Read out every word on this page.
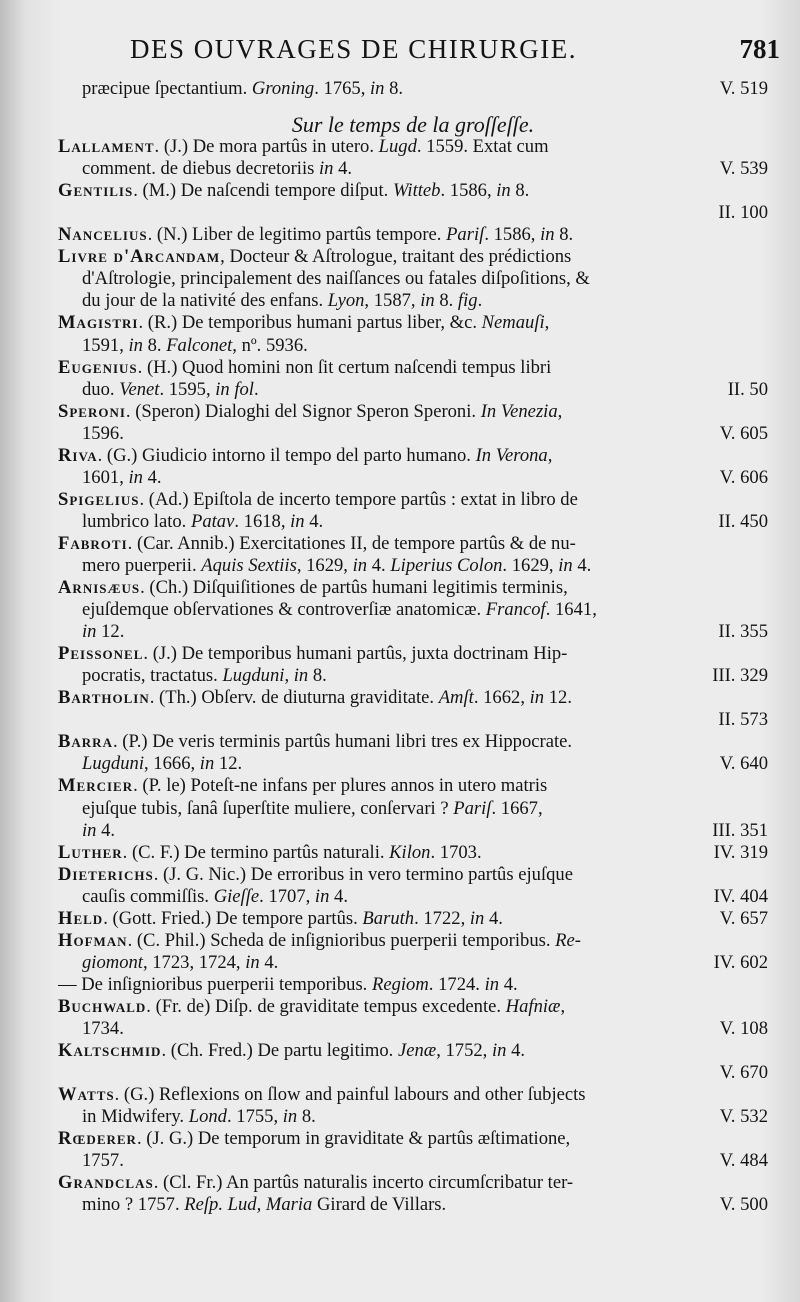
DES OUVRAGES DE CHIRURGIE.	781
præcipue ſpectantium. Groning. 1765, in 8.	V. 519
Sur le temps de la groſſeſſe.
Lallament. (J.) De mora partûs in utero. Lugd. 1559. Extat cum
comment. de diebus decretoriis in 4.	V. 539
Gentilis. (M.) De naſcendi tempore diſput. Witteb. 1586, in 8.
II. 100
Nancelius. (N.) Liber de legitimo partûs tempore. Pariſ. 1586, in 8.
Livre d'Arcandam, Docteur & Aſtrologue, traitant des prédictions
d'Aſtrologie, principalement des naiſſances ou fatales diſpoſitions, &
du jour de la nativité des enfans. Lyon, 1587, in 8. fig.
Magistri. (R.) De temporibus humani partus liber, &c. Nemauſi,
1591, in 8. Falconet, nº. 5936.
Eugenius. (H.) Quod homini non ſit certum naſcendi tempus libri
duo. Venet. 1595, in fol.	II. 50
Speroni. (Speron) Dialoghi del Signor Speron Speroni. In Venezia,
1596.	V. 605
Riva. (G.) Giudicio intorno il tempo del parto humano. In Verona,
1601, in 4.	V. 606
Spigelius. (Ad.) Epiſtola de incerto tempore partûs : extat in libro de
lumbrico lato. Patav. 1618, in 4.	II. 450
Fabroti. (Car. Annib.) Exercitationes II, de tempore partûs & de nu-
mero puerperii. Aquis Sextiis, 1629, in 4. Liperius Colon. 1629, in 4.
Arnisæus. (Ch.) Diſquiſitiones de partûs humani legitimis terminis,
ejuſdemque obſervationes & controverſiæ anatomicæ. Francof. 1641,
in 12.	II. 355
Peissonel. (J.) De temporibus humani partûs, juxta doctrinam Hip-
pocratis, tractatus. Lugduni, in 8.	III. 329
Bartholin. (Th.) Obſerv. de diuturna graviditate. Amſt. 1662, in 12.
II. 573
Barra. (P.) De veris terminis partûs humani libri tres ex Hippocrate.
Lugduni, 1666, in 12.	V. 640
Mercier. (P. le) Poteſt-ne infans per plures annos in utero matris
ejuſque tubis, ſanâ ſuperſtite muliere, conſervari ? Pariſ. 1667,
in 4.	III. 351
Luther. (C. F.) De termino partûs naturali. Kilon. 1703.	IV. 319
Dieterichs. (J. G. Nic.) De erroribus in vero termino partûs ejuſque
cauſis commiſſis. Gieſſe. 1707, in 4.	IV. 404
Held. (Gott. Fried.) De tempore partûs. Baruth. 1722, in 4.	V. 657
Hofman. (C. Phil.) Scheda de inſignioribus puerperii temporibus. Re-
giomont, 1723, 1724, in 4.	IV. 602
— De inſignioribus puerperii temporibus. Regiom. 1724. in 4.
Buchwald. (Fr. de) Diſp. de graviditate tempus excedente. Hafniæ,
1734.	V. 108
Kaltschmid. (Ch. Fred.) De partu legitimo. Jenæ, 1752, in 4.
V. 670
Watts. (G.) Reflexions on ſlow and painful labours and other ſubjects
in Midwifery. Lond. 1755, in 8.	V. 532
Rœderer. (J. G.) De temporum in graviditate & partûs æſtimatione,
1757.	V. 484
Grandclas. (Cl. Fr.) An partûs naturalis incerto circumſcribatur ter-
mino ? 1757. Reſp. Lud, Maria Girard de Villars.	V. 500
